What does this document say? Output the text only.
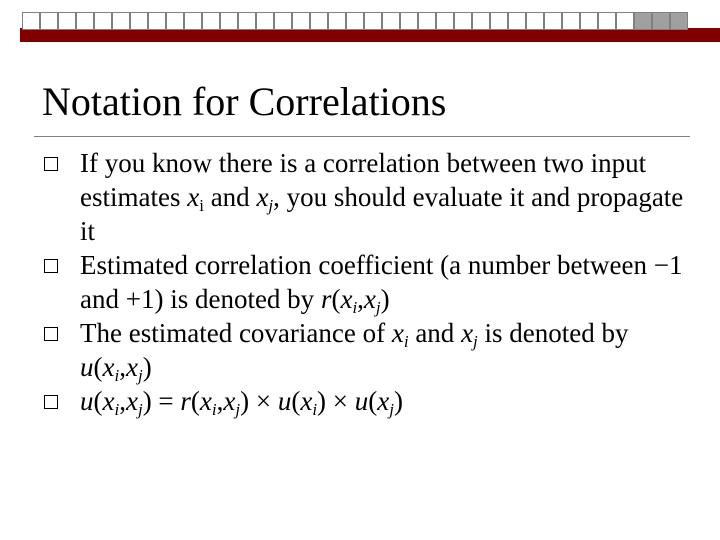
Notation for Correlations
If you know there is a correlation between two input estimates $x_i$ and $x_j$, you should evaluate it and propagate it
Estimated correlation coefficient (a number between −1 and +1) is denoted by $r(x_i,x_j)$
The estimated covariance of $x_i$ and $x_j$ is denoted by $u(x_i,x_j)$
$u(x_i,x_j) = r(x_i,x_j) \times u(x_i) \times u(x_j)$
